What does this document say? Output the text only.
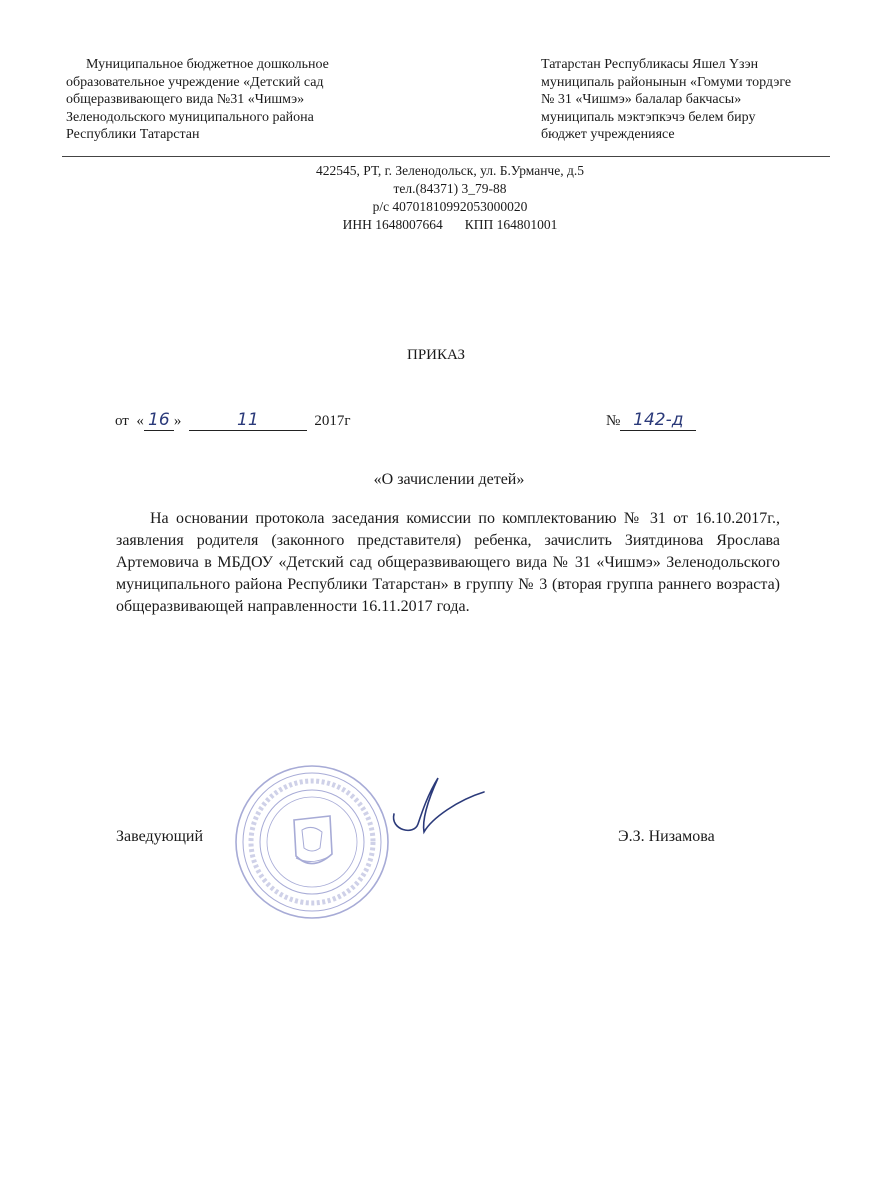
Муниципальное бюджетное дошкольное
образовательное учреждение «Детский сад
общеразвивающего вида №31 «Чишмэ»
Зеленодольского муниципального района
Республики Татарстан
Татарстан Республикасы Яшел Үзэн
муниципаль районынын «Гомуми тордэге
№ 31 «Чишмэ» балалар бакчасы»
муниципаль мэктэпкэчэ белем биру
бюджет учреждениясе
422545, РТ, г. Зеленодольск, ул. Б.Урманче, д.5
тел.(84371) 3_79-88
р/с 40701810992053000020
ИНН 1648007664 КПП 164801001
ПРИКАЗ
от « 16 »	11	2017г	№ 142-д
«О зачислении детей»
На основании протокола заседания комиссии по комплектованию № 31 от 16.10.2017г., заявления родителя (законного представителя) ребенка, зачислить Зиятдинова Ярослава Артемовича в МБДОУ «Детский сад общеразвивающего вида № 31 «Чишмэ» Зеленодольского муниципального района Республики Татарстан» в группу № 3 (вторая группа раннего возраста) общеразвивающей направленности 16.11.2017 года.
Заведующий	Э.З. Низамова
